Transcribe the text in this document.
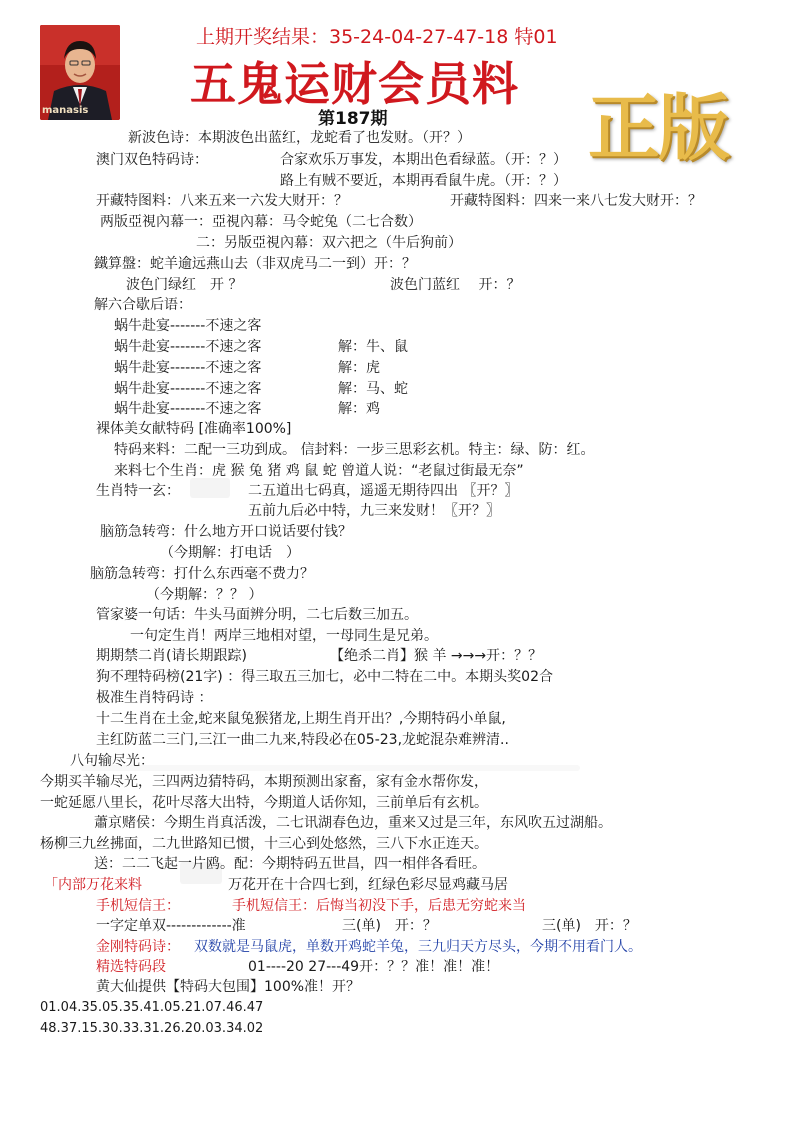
manasis
上期开奖结果：35-24-04-27-47-18 特01
五鬼运财会员料
正版
第187期
新波色诗：本期波色出蓝红，龙蛇看了也发财。（开？）
澳门双色特码诗：	合家欢乐万事发，本期出色看绿蓝。（开：？）
路上有贼不要近，本期再看鼠牛虎。（开：？）
开藏特图料：八来五来一六发大财开：？	开藏特图料：四来一来八七发大财开：？
两版亞視內幕一：亞視內幕：马令蛇兔（二七合数）
二：另版亞視內幕：双六把之（牛后狗前）
鐵算盤：蛇羊逾远燕山去（非双虎马二一到）开：？
波色门绿红　开 ？	波色门蓝红　 开：？
解六合歇后语：
蜗牛赴宴-------不速之客
蜗牛赴宴-------不速之客	解：牛、鼠
蜗牛赴宴-------不速之客	解：虎
蜗牛赴宴-------不速之客	解：马、蛇
蜗牛赴宴-------不速之客	解：鸡
裸体美女献特码 [准确率100%]
特码来料：二配一三功到成。 信封料：一步三思彩玄机。特主：绿、防：红。
来料七个生肖：虎 猴 兔 猪 鸡 鼠 蛇 曾道人说：“老鼠过街最无奈”
生肖特一玄：	二五道出七码真，遥遥无期待四出 〖开？〗
五前九后必中特，九三来发财！〖开？〗
脑筋急转弯：什么地方开口说话要付钱？
（今期解：打电话　）
脑筋急转弯：打什么东西毫不费力？
（今期解：？？ ）
管家婆一句话：牛头马面辨分明，二七后数三加五。
一句定生肖！两岸三地相对望，一母同生是兄弟。
期期禁二肖(请长期跟踪)	【绝杀二肖】猴 羊 →→→开：？？
狗不理特码榜(21字) ：得三取五三加七，必中二特在二中。本期头奖02合
极准生肖特码诗 ：
十二生肖在土金,蛇来鼠兔猴猪龙,上期生肖开出？,今期特码小单鼠,
主红防蓝二三门,三江一曲二九来,特段必在05-23,龙蛇混杂难辨清..
八句输尽光：
今期买羊输尽光，三四两边猜特码，本期预测出家畜，家有金水帮你发，
一蛇延愿八里长，花叶尽落大出特，今期道人话你知，三前单后有玄机。
蕭京赌侯：今期生肖真活泼，二七讯湖春色边，重来又过是三年，东风吹五过湖船。
杨柳三九丝拂面，二九世路知已惯，十三心到处悠然，三八下水正连天。
送：二二飞起一片鸥。配：今期特码五世昌，四一相伴各看旺。
「内部万花来料	万花开在十合四七到，红绿色彩尽显鸡藏马居
手机短信王：	手机短信王：后悔当初没下手，后患无穷蛇来当
一字定单双-------------准	三(单)　开：？	三(单)　开：？
金刚特码诗： 双数就是马鼠虎，单数开鸡蛇羊兔，三九归天方尽头，今期不用看门人。
精选特码段	01----20 27---49开：？？准！准！准！
黄大仙提供【特码大包围】100%准！开？
01.04.35.05.35.41.05.21.07.46.47
48.37.15.30.33.31.26.20.03.34.02
